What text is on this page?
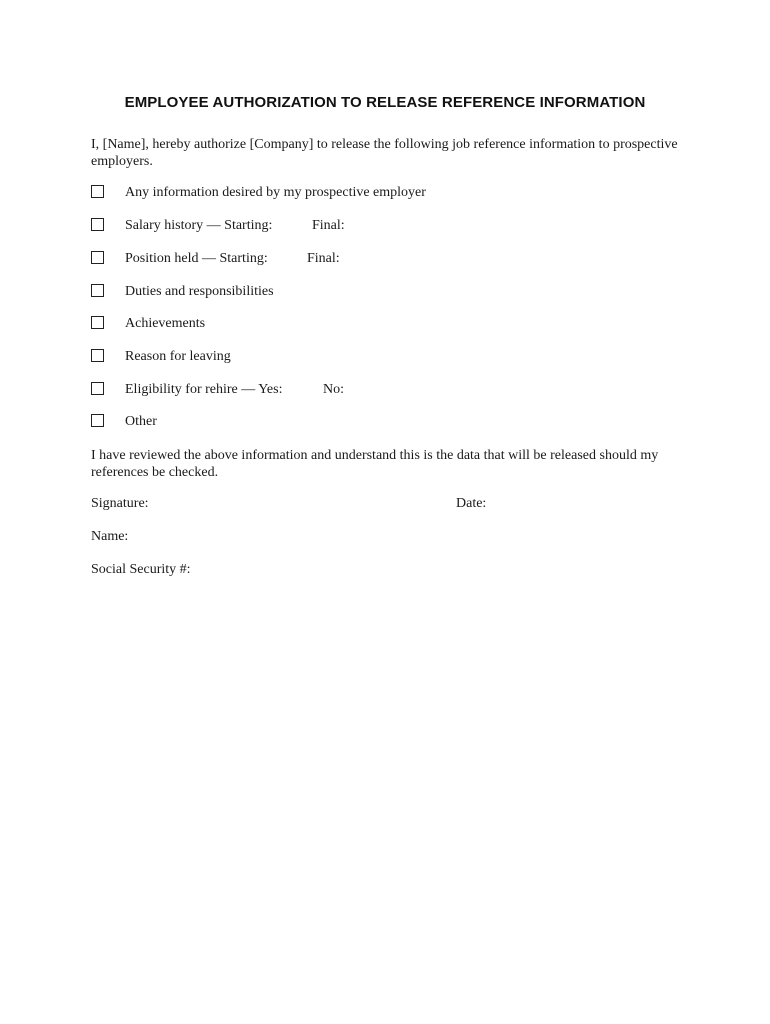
EMPLOYEE AUTHORIZATION TO RELEASE REFERENCE INFORMATION
I, [Name], hereby authorize [Company] to release the following job reference information to prospective employers.
Any information desired by my prospective employer
Salary history — Starting:	Final:
Position held — Starting:	Final:
Duties and responsibilities
Achievements
Reason for leaving
Eligibility for rehire — Yes:	No:
Other
I have reviewed the above information and understand this is the data that will be released should my references be checked.
Signature:	Date:
Name:
Social Security #:
